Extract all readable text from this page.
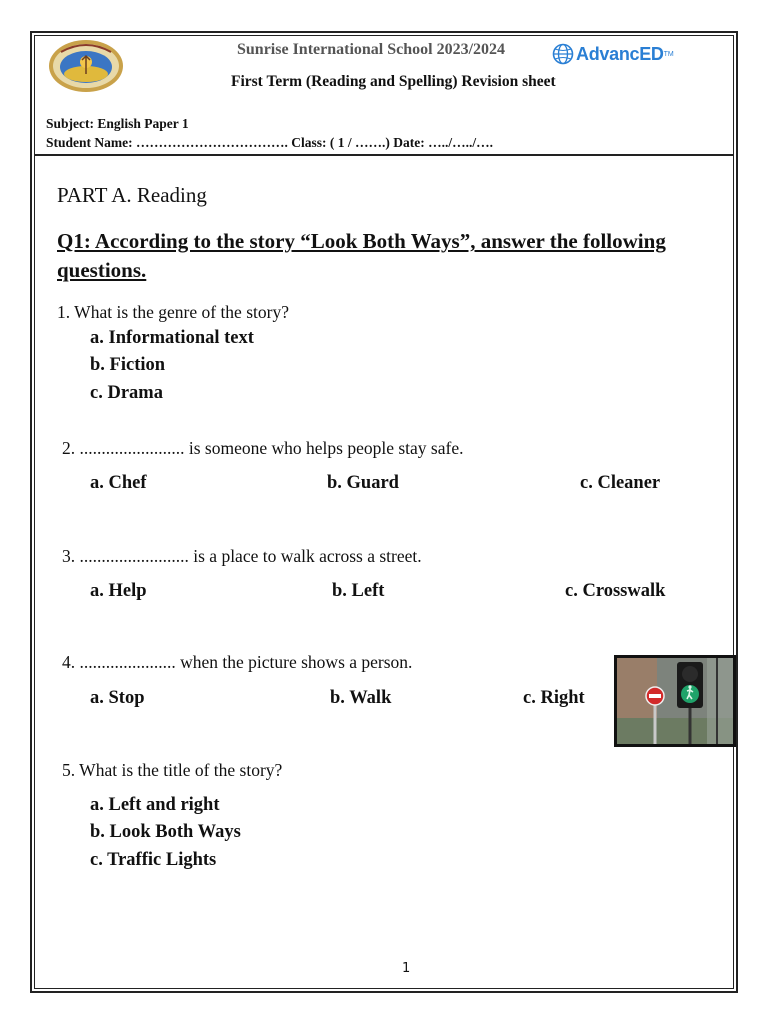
Sunrise International School 2023/2024	AdvancED TM
First Term (Reading and Spelling) Revision sheet
Subject: English Paper 1
Student Name: ……………………………. Class: ( 1 / …….) Date: …../…../….
PART A. Reading
Q1: According to the story “Look Both Ways”, answer the following questions.
1. What is the genre of the story?
a. Informational text
b. Fiction
c. Drama
2. ........................ is someone who helps people stay safe.
a. Chef	b. Guard	c. Cleaner
3. ......................... is a place to walk across a street.
a. Help	b. Left	c. Crosswalk
4. ...................... when the picture shows a person.
a. Stop	b. Walk	c. Right
5. What is the title of the story?
a. Left and right
b. Look Both Ways
c. Traffic Lights
1
